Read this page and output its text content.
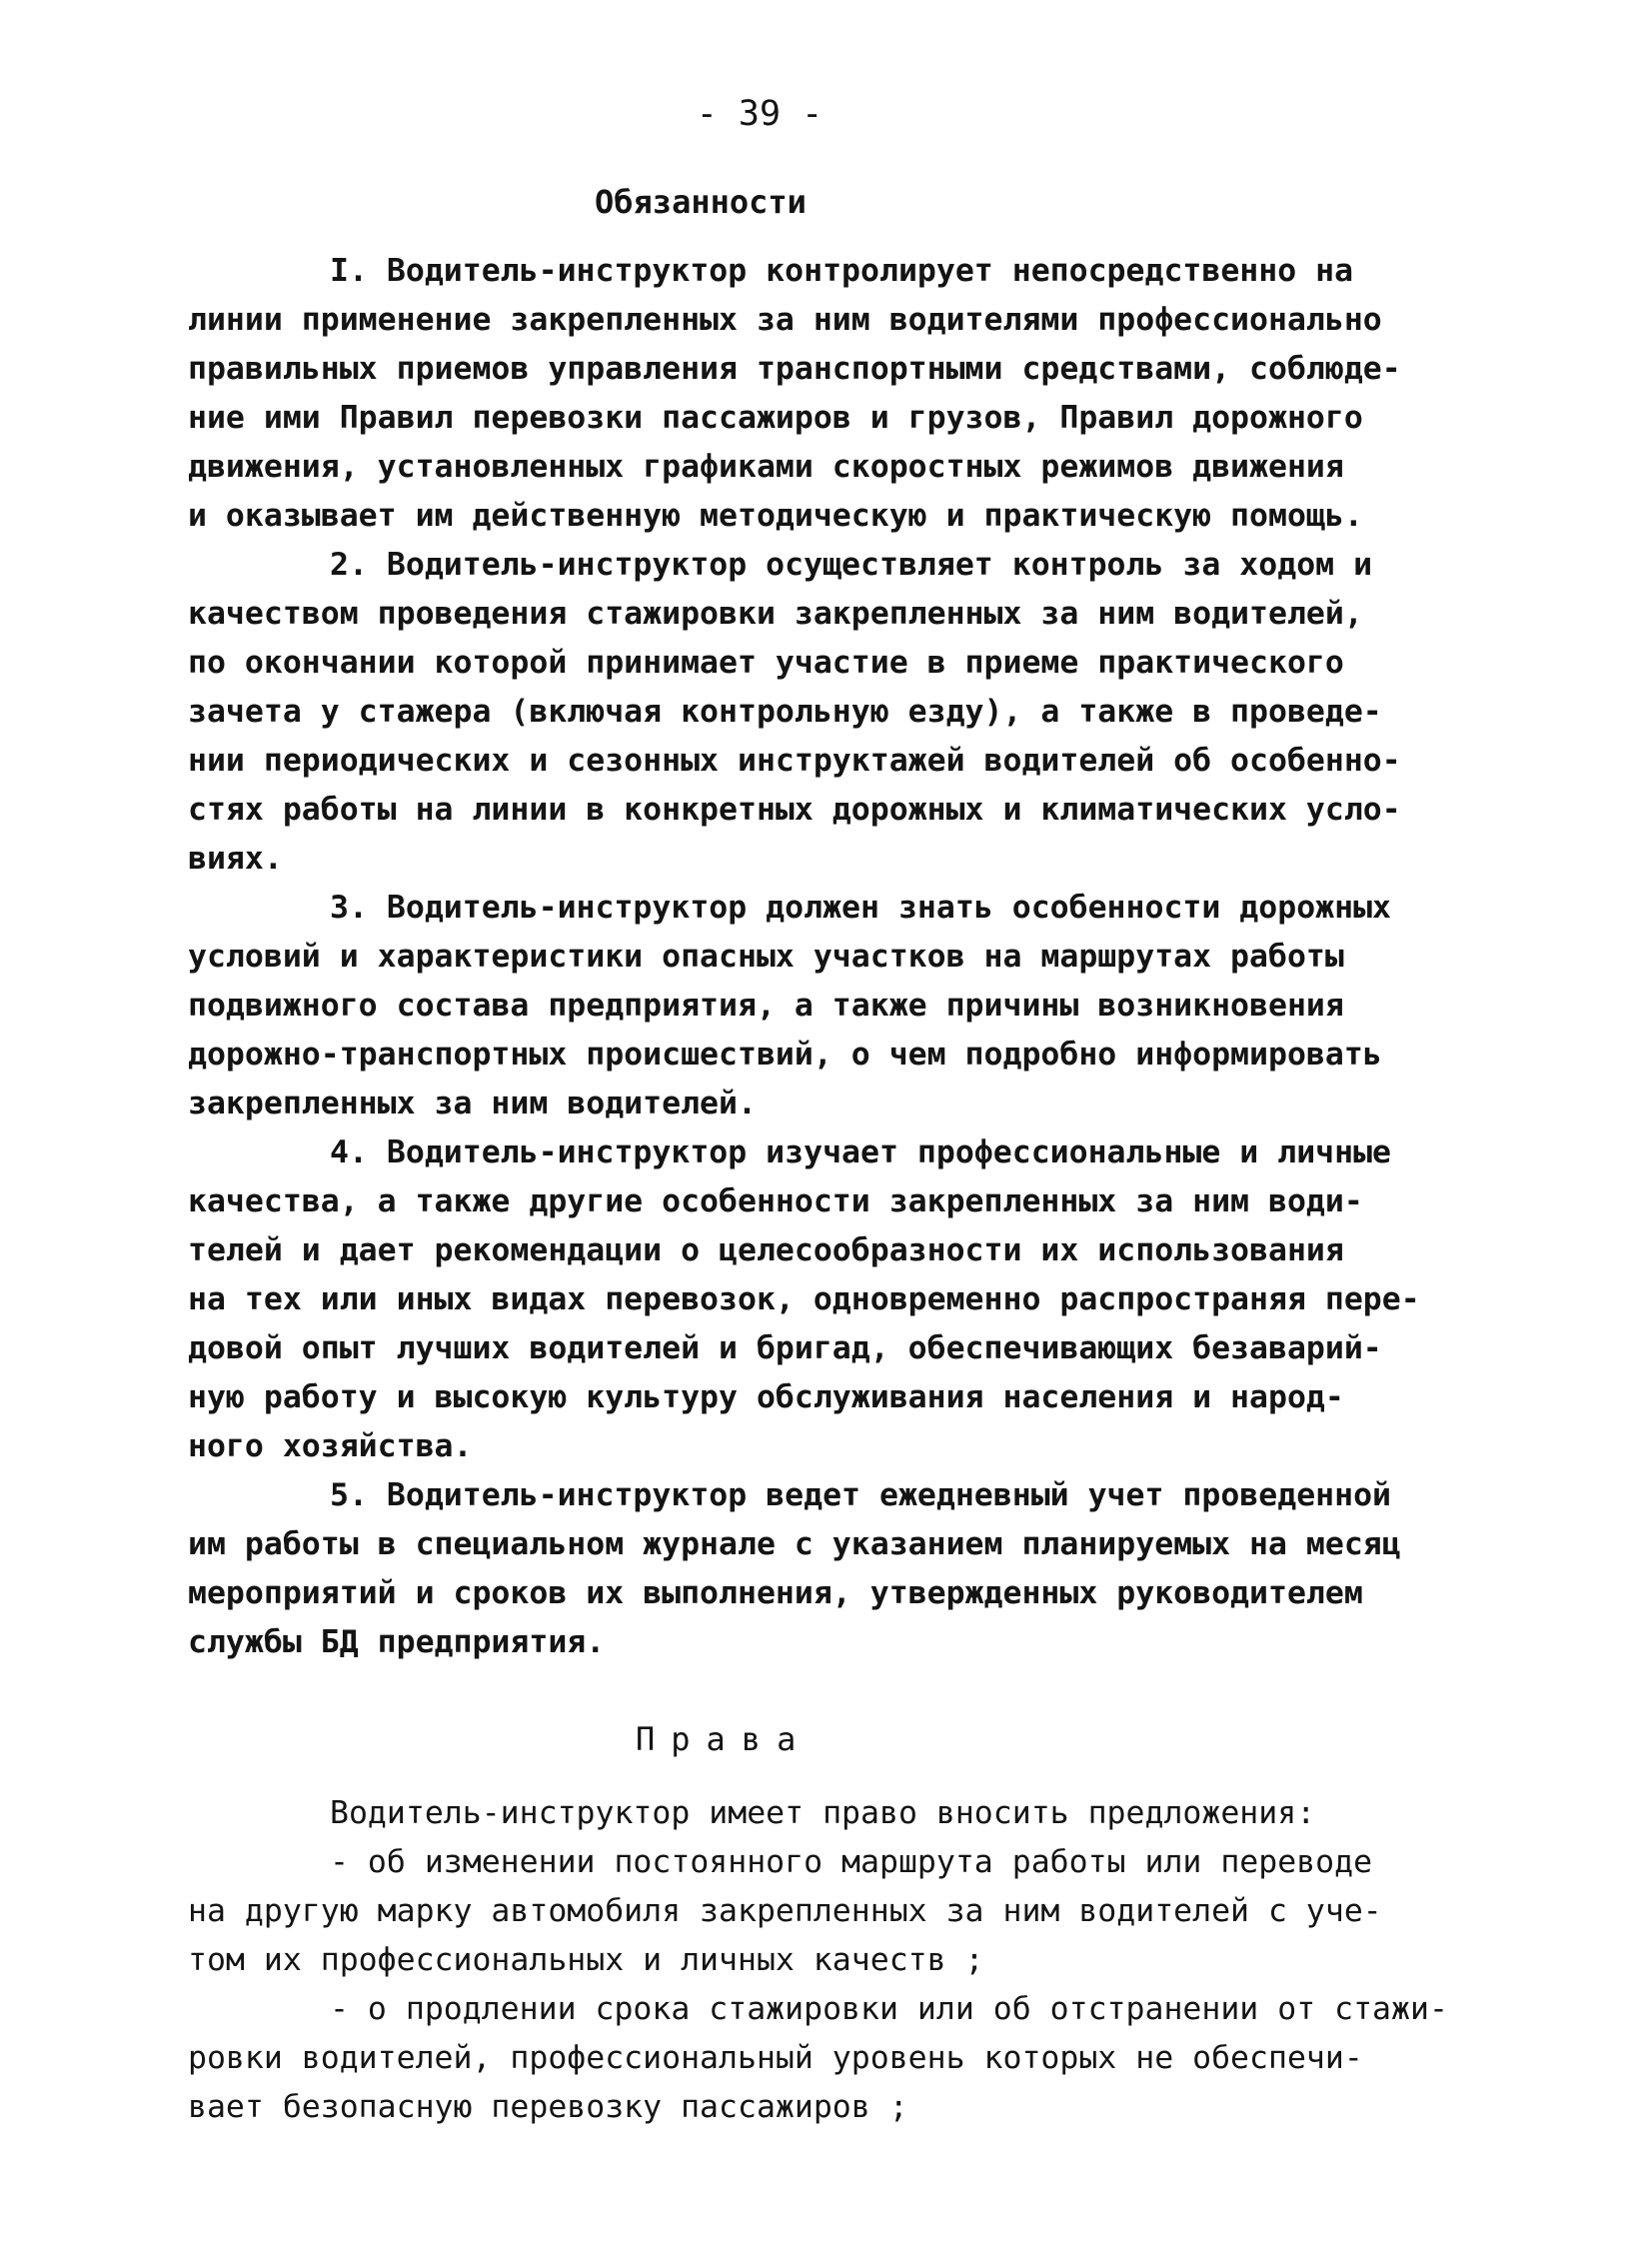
- 39 -
Обязанности

I. Водитель-инструктор контролирует непосредственно на
линии применение закрепленных за ним водителями профессионально
правильных приемов управления транспортными средствами, соблюде-
ние ими Правил перевозки пассажиров и грузов, Правил дорожного
движения, установленных графиками скоростных режимов движения
и оказывает им действенную методическую и практическую помощь.

2. Водитель-инструктор осуществляет контроль за ходом и
качеством проведения стажировки закрепленных за ним водителей,
по окончании которой принимает участие в приеме практического
зачета у стажера (включая контрольную езду), а также в проведе-
нии периодических и сезонных инструктажей водителей об особенно-
стях работы на линии в конкретных дорожных и климатических усло-
виях.

3. Водитель-инструктор должен знать особенности дорожных
условий и характеристики опасных участков на маршрутах работы
подвижного состава предприятия, а также причины возникновения
дорожно-транспортных происшествий, о чем подробно информировать
закрепленных за ним водителей.

4. Водитель-инструктор изучает профессиональные и личные
качества, а также другие особенности закрепленных за ним води-
телей и дает рекомендации о целесообразности их использования
на тех или иных видах перевозок, одновременно распространяя пере-
довой опыт лучших водителей и бригад, обеспечивающих безаварий-
ную работу и высокую культуру обслуживания населения и народ-
ного хозяйства.

5. Водитель-инструктор ведет ежедневный учет проведенной
им работы в специальном журнале с указанием планируемых на месяц
мероприятий и сроков их выполнения, утвержденных руководителем
службы БД предприятия.

Права

Водитель-инструктор имеет право вносить предложения:

- об изменении постоянного маршрута работы или переводе
на другую марку автомобиля закрепленных за ним водителей с уче-
том их профессиональных и личных качеств ;

- о продлении срока стажировки или об отстранении от стажи-
ровки водителей, профессиональный уровень которых не обеспечи-
вает безопасную перевозку пассажиров ;
